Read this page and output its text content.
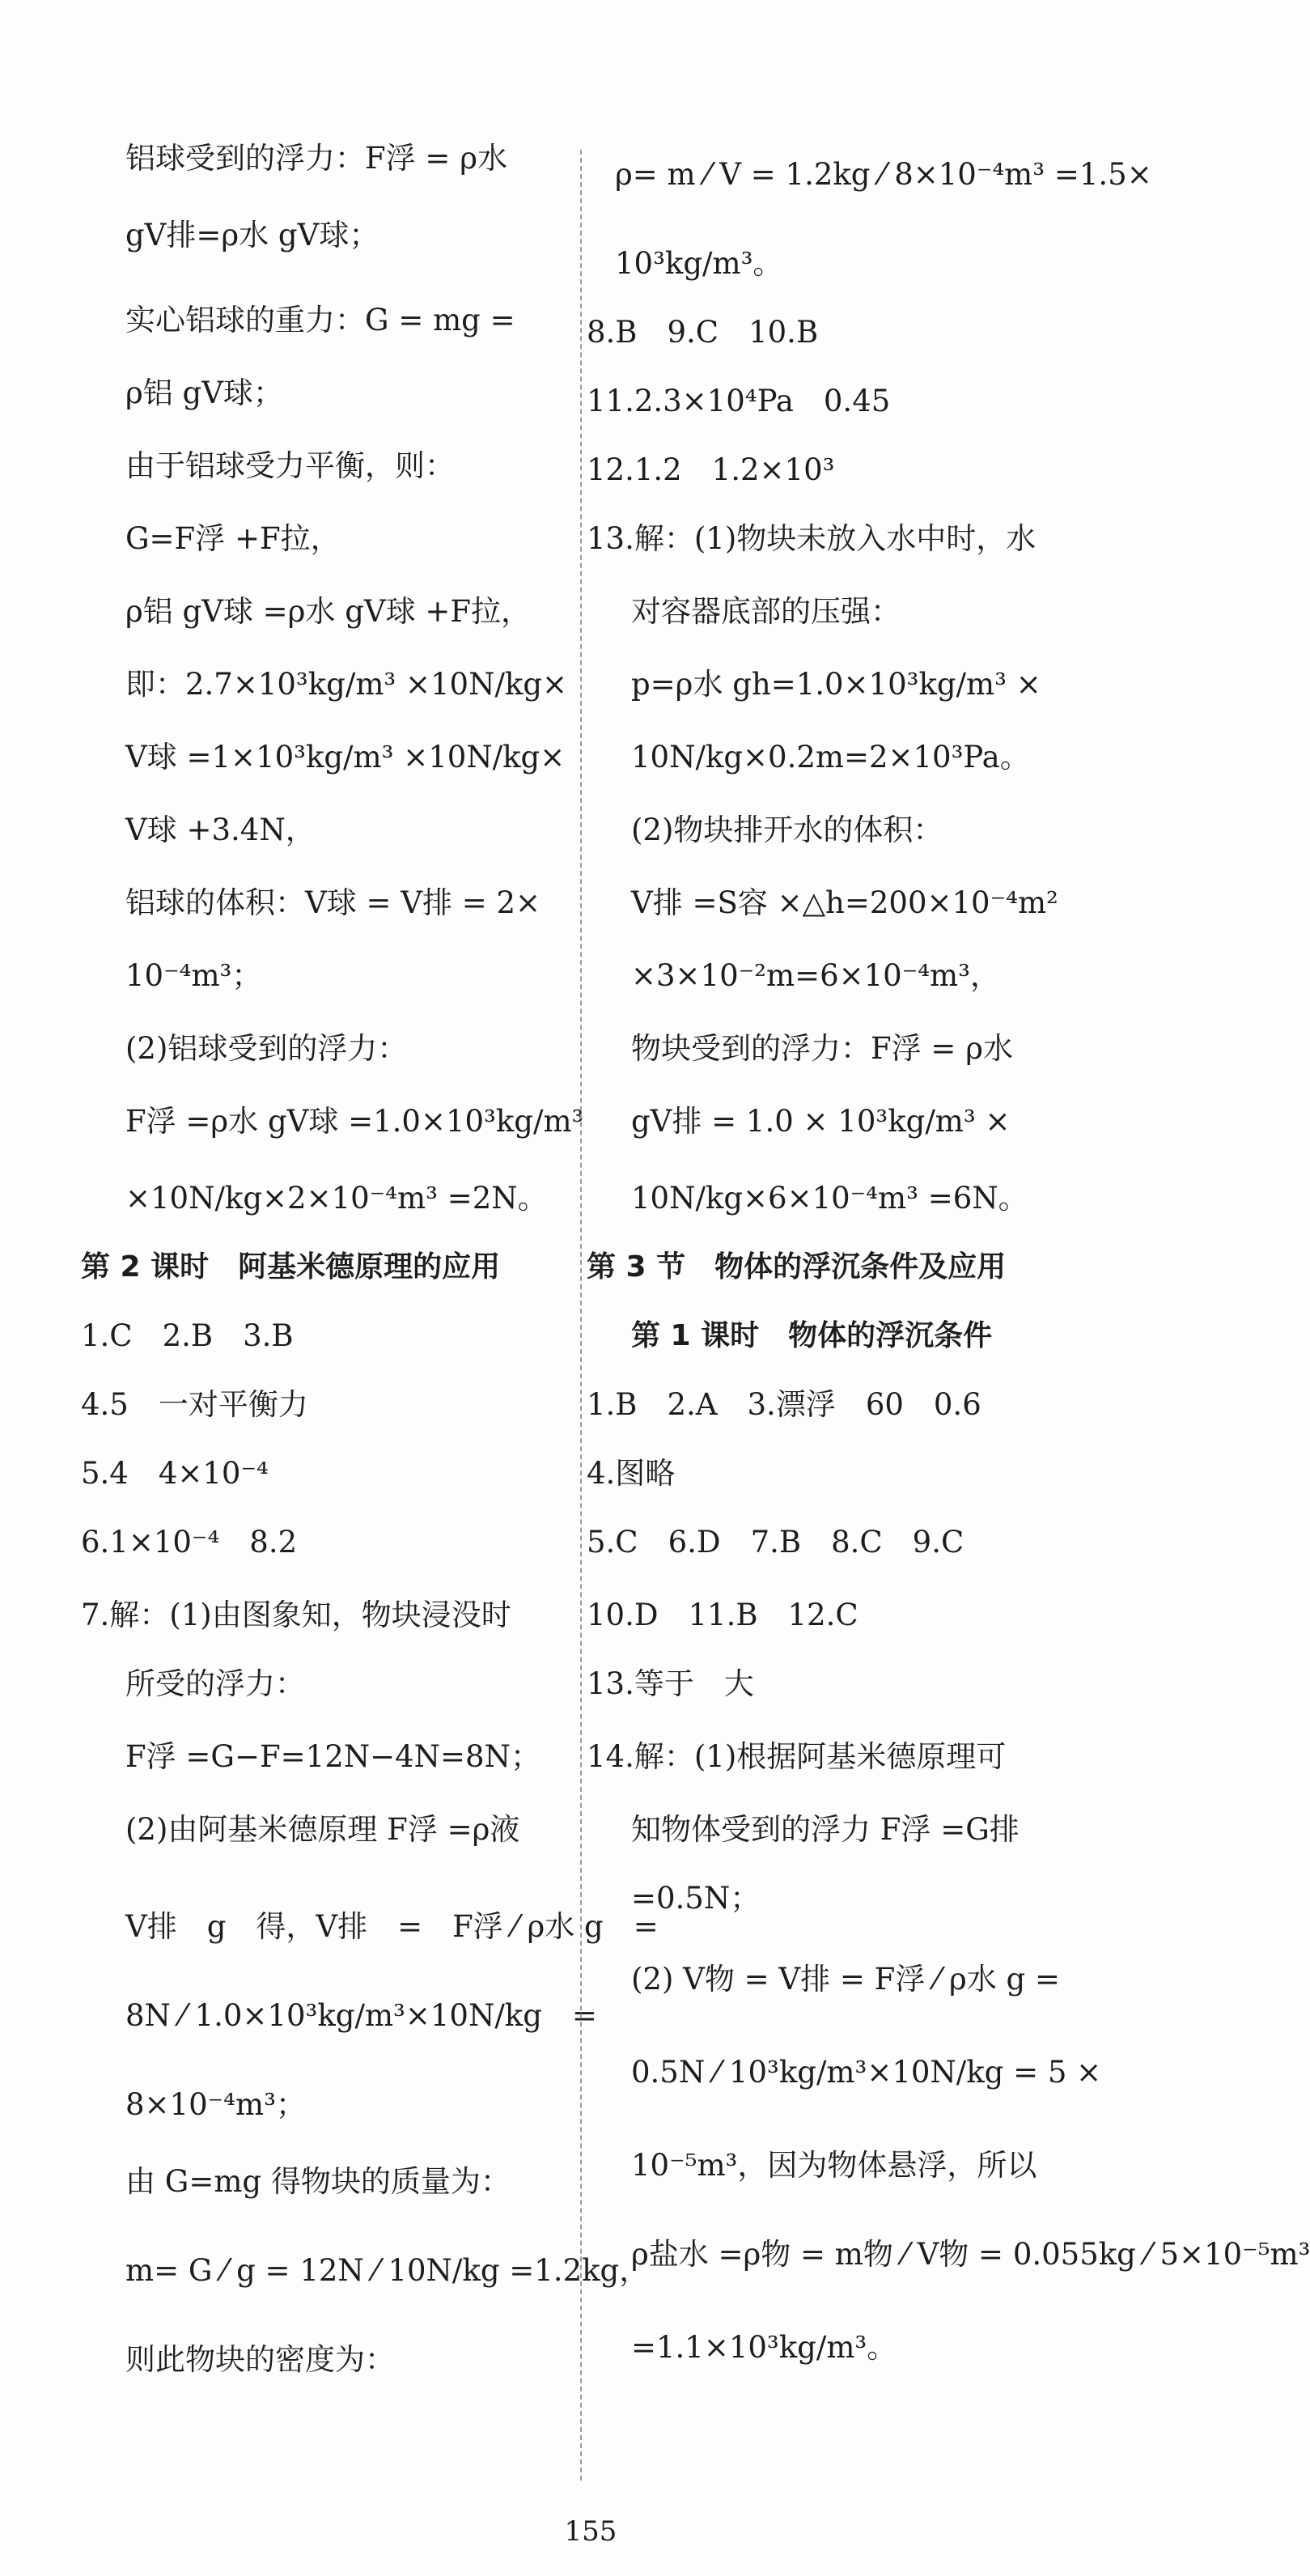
铝球受到的浮力：F浮 = ρ水
gV排=ρ水 gV球；
实心铝球的重力：G = mg =
ρ铝 gV球；
由于铝球受力平衡，则：
G=F浮 +F拉，
ρ铝 gV球 =ρ水 gV球 +F拉，
即：2.7×10³kg/m³ ×10N/kg×
V球 =1×10³kg/m³ ×10N/kg×
V球 +3.4N，
铝球的体积：V球 = V排 = 2×
10⁻⁴m³；
(2)铝球受到的浮力：
F浮 =ρ水 gV球 =1.0×10³kg/m³
×10N/kg×2×10⁻⁴m³ =2N。
第 2 课时　阿基米德原理的应用
1.C　2.B　3.B
4.5　一对平衡力
5.4　4×10⁻⁴
6.1×10⁻⁴　8.2
7.解：(1)由图象知，物块浸没时
所受的浮力：
F浮 =G−F=12N−4N=8N；
(2)由阿基米德原理 F浮 =ρ液
V排　g　得，V排　=　F浮 ⁄ ρ水 g　=
8N ⁄ 1.0×10³kg/m³×10N/kg　=
8×10⁻⁴m³；
由 G=mg 得物块的质量为：
m= G ⁄ g = 12N ⁄ 10N/kg =1.2kg，
则此物块的密度为：
ρ= m ⁄ V = 1.2kg ⁄ 8×10⁻⁴m³ =1.5×
10³kg/m³。
8.B　9.C　10.B
11.2.3×10⁴Pa　0.45
12.1.2　1.2×10³
13.解：(1)物块未放入水中时，水
对容器底部的压强：
p=ρ水 gh=1.0×10³kg/m³ ×
10N/kg×0.2m=2×10³Pa。
(2)物块排开水的体积：
V排 =S容 ×△h=200×10⁻⁴m²
×3×10⁻²m=6×10⁻⁴m³，
物块受到的浮力：F浮 = ρ水
gV排 = 1.0 × 10³kg/m³ ×
10N/kg×6×10⁻⁴m³ =6N。
第 3 节　物体的浮沉条件及应用
第 1 课时　物体的浮沉条件
1.B　2.A　3.漂浮　60　0.6
4.图略
5.C　6.D　7.B　8.C　9.C
10.D　11.B　12.C
13.等于　大
14.解：(1)根据阿基米德原理可
知物体受到的浮力 F浮 =G排
=0.5N；
(2) V物 = V排 = F浮 ⁄ ρ水 g =
0.5N ⁄ 10³kg/m³×10N/kg = 5 ×
10⁻⁵m³，因为物体悬浮，所以
ρ盐水 =ρ物 = m物 ⁄ V物 = 0.055kg ⁄ 5×10⁻⁵m³
=1.1×10³kg/m³。
155
